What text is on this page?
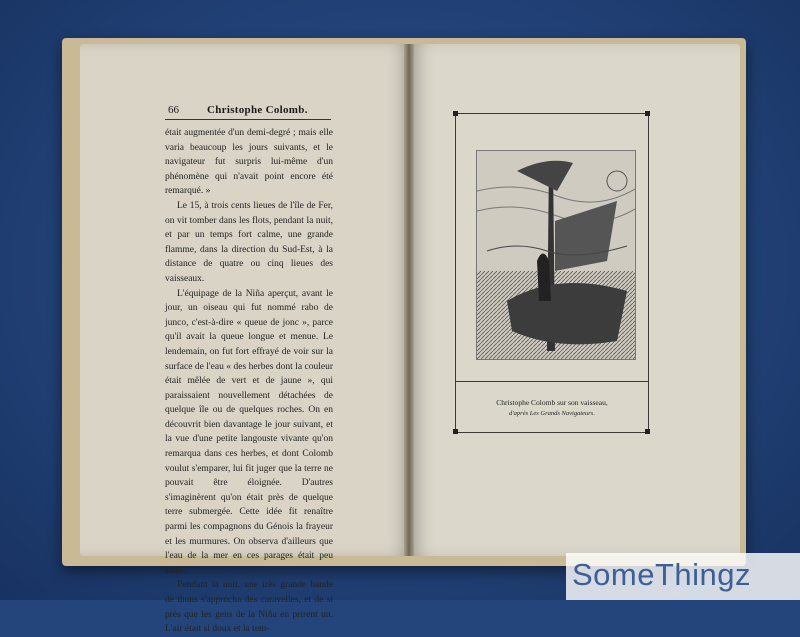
66	Christophe Colomb.

était augmentée d'un demi-degré ; mais elle varia beaucoup les jours suivants, et le navigateur fut surpris lui-même d'un phénomène qui n'avait point encore été remarqué. »

Le 15, à trois cents lieues de l'île de Fer, on vit tomber dans les flots, pendant la nuit, et par un temps fort calme, une grande flamme, dans la direction du Sud-Est, à la distance de quatre ou cinq lieues des vaisseaux.

L'équipage de la Niña aperçut, avant le jour, un oiseau qui fut nommé rabo de junco, c'est-à-dire « queue de jonc », parce qu'il avait la queue longue et menue. Le lendemain, on fut fort effrayé de voir sur la surface de l'eau « des herbes dont la couleur était mêlée de vert et de jaune », qui paraissaient nouvellement détachées de quelque île ou de quelques roches. On en découvrit bien davantage le jour suivant, et la vue d'une petite langouste vivante qu'on remarqua dans ces herbes, et dont Colomb voulut s'emparer, lui fit juger que la terre ne pouvait être éloignée. D'autres s'imaginèrent qu'on était près de quelque terre submergée. Cette idée fit renaître parmi les compagnons du Génois la frayeur et les murmures. On observa d'ailleurs que l'eau de la mer en ces parages était peu salée.

Pendant la nuit, une très grande bande de thons s'approcha des caravelles, et de si près que les gens de la Niña en prirent un. L'air était si doux et la tem-

Christophe Colomb sur son vaisseau,
d'après Les Grands Navigateurs.
SomeThingz
